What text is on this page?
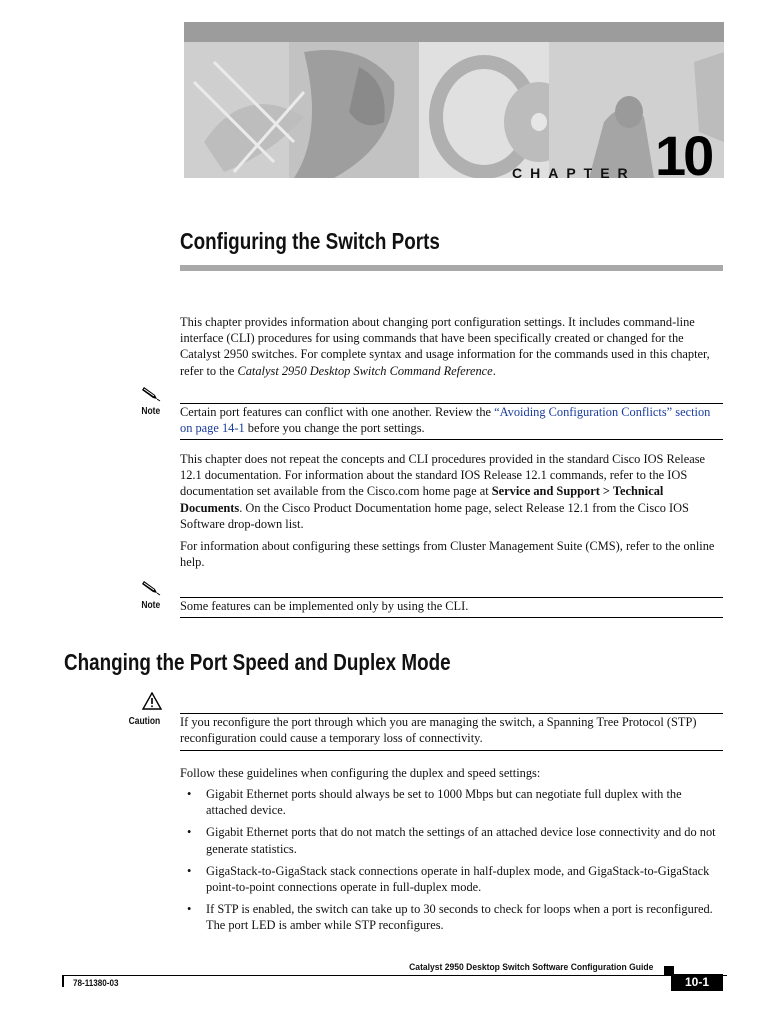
CHAPTER 10
Configuring the Switch Ports

This chapter provides information about changing port configuration settings. It includes command-line interface (CLI) procedures for using commands that have been specifically created or changed for the Catalyst 2950 switches. For complete syntax and usage information for the commands used in this chapter, refer to the Catalyst 2950 Desktop Switch Command Reference.

Note Certain port features can conflict with one another. Review the “Avoiding Configuration Conflicts” section on page 14-1 before you change the port settings.

This chapter does not repeat the concepts and CLI procedures provided in the standard Cisco IOS Release 12.1 documentation. For information about the standard IOS Release 12.1 commands, refer to the IOS documentation set available from the Cisco.com home page at Service and Support > Technical Documents. On the Cisco Product Documentation home page, select Release 12.1 from the Cisco IOS Software drop-down list.

For information about configuring these settings from Cluster Management Suite (CMS), refer to the online help.

Note Some features can be implemented only by using the CLI.

Changing the Port Speed and Duplex Mode
Caution If you reconfigure the port through which you are managing the switch, a Spanning Tree Protocol (STP) reconfiguration could cause a temporary loss of connectivity.

Follow these guidelines when configuring the duplex and speed settings:

• Gigabit Ethernet ports should always be set to 1000 Mbps but can negotiate full duplex with the attached device.
• Gigabit Ethernet ports that do not match the settings of an attached device lose connectivity and do not generate statistics.
• GigaStack-to-GigaStack stack connections operate in half-duplex mode, and GigaStack-to-GigaStack point-to-point connections operate in full-duplex mode.
• If STP is enabled, the switch can take up to 30 seconds to check for loops when a port is reconfigured. The port LED is amber while STP reconfigures.
Catalyst 2950 Desktop Switch Software Configuration Guide
78-11380-03	10-1
